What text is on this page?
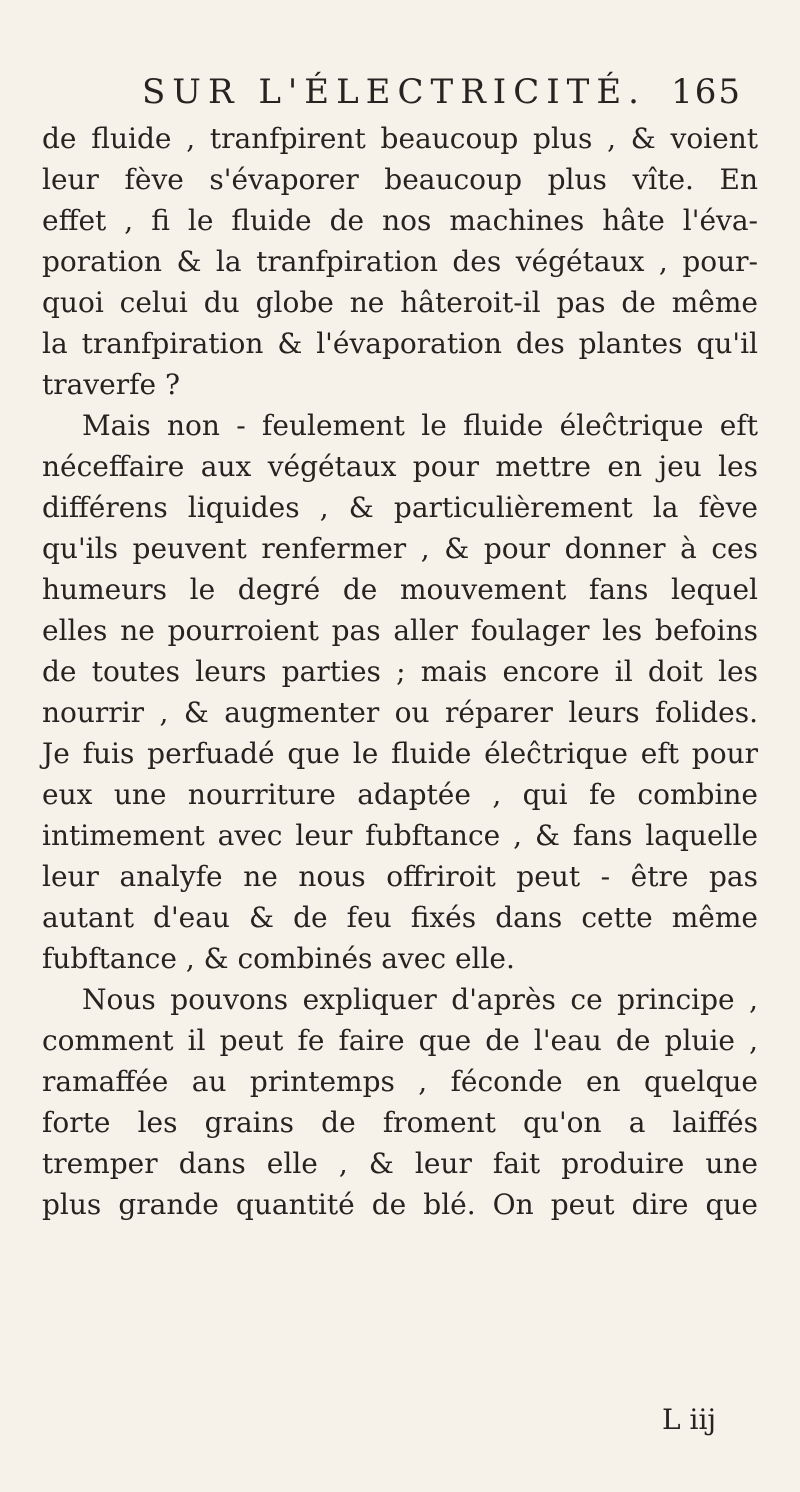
SUR L'ÉLECTRICITÉ. 165
de fluide , tranfpirent beaucoup plus , & voient
leur fève s'évaporer beaucoup plus vîte. En
effet , fi le fluide de nos machines hâte l'éva-
poration & la tranfpiration des végétaux , pour-
quoi celui du globe ne hâteroit-il pas de même
la tranfpiration & l'évaporation des plantes qu'il
traverfe ?
Mais non - feulement le fluide éleĉtrique eft
néceffaire aux végétaux pour mettre en jeu les
différens liquides , & particulièrement la fève
qu'ils peuvent renfermer , & pour donner à ces
humeurs le degré de mouvement fans lequel
elles ne pourroient pas aller foulager les befoins
de toutes leurs parties ; mais encore il doit les
nourrir , & augmenter ou réparer leurs folides.
Je fuis perfuadé que le fluide éleĉtrique eft pour
eux une nourriture adaptée , qui fe combine
intimement avec leur fubftance , & fans laquelle
leur analyfe ne nous offriroit peut - être pas
autant d'eau & de feu fixés dans cette même
fubftance , & combinés avec elle.
Nous pouvons expliquer d'après ce principe ,
comment il peut fe faire que de l'eau de pluie ,
ramaffée au printemps , féconde en quelque
forte les grains de froment qu'on a laiffés
tremper dans elle , & leur fait produire une
plus grande quantité de blé. On peut dire que
L iij
